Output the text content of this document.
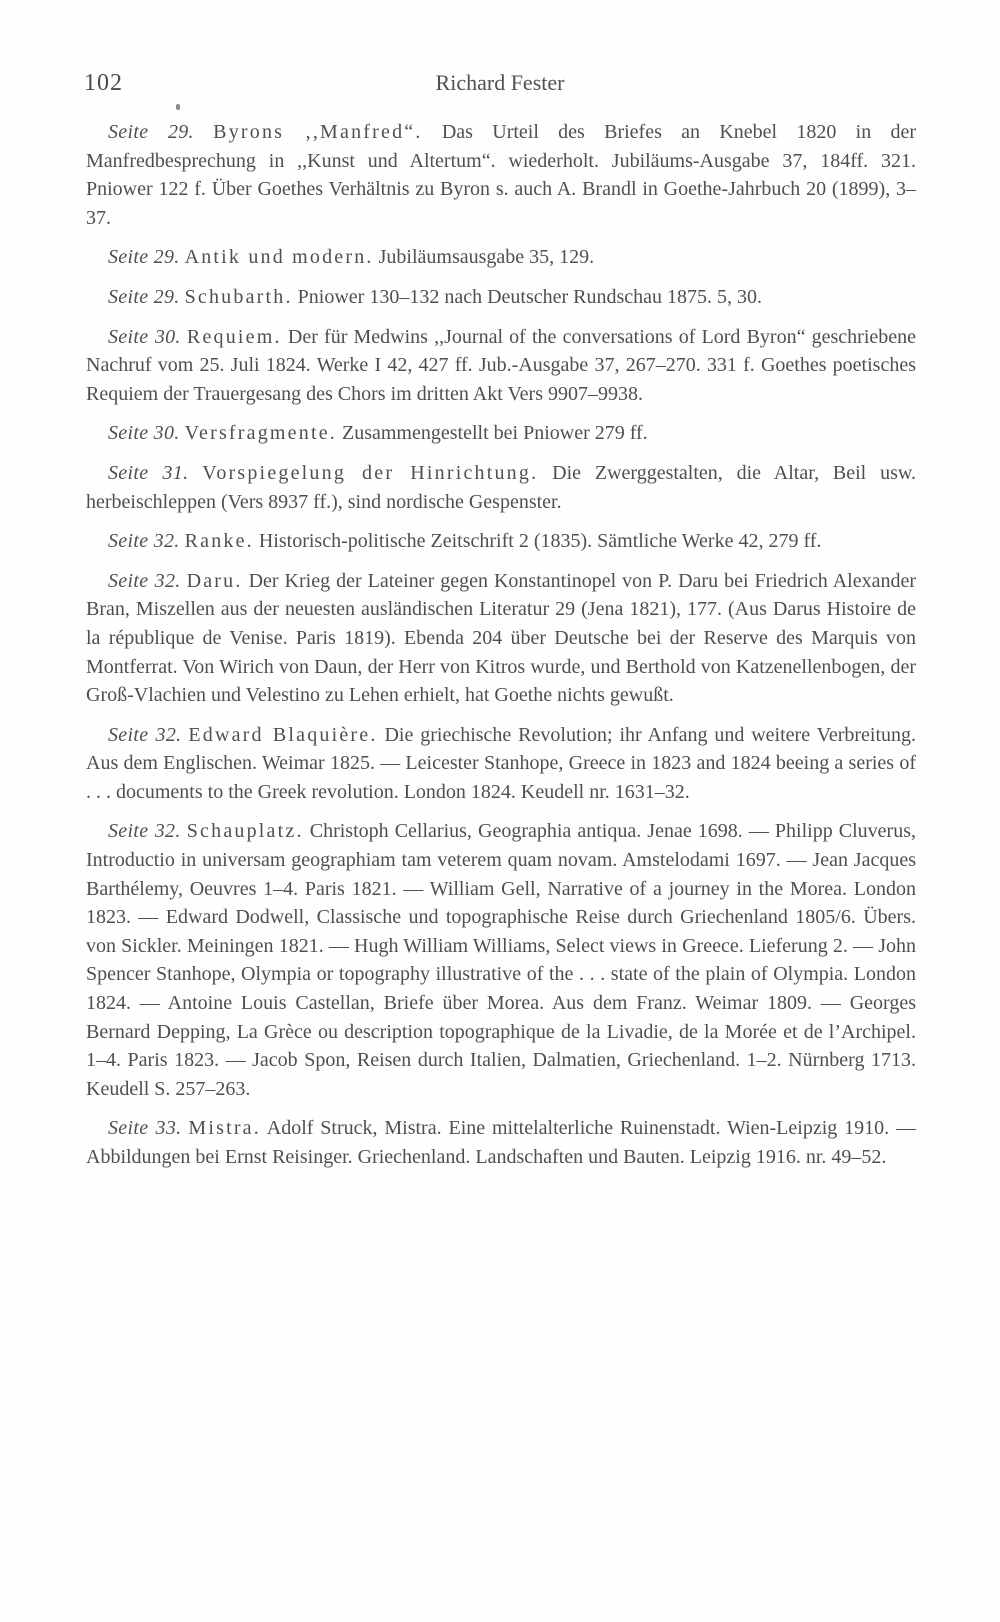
102	Richard Fester

Seite 29. Byrons ,,Manfred“. Das Urteil des Briefes an Knebel 1820 in der Manfredbesprechung in ,,Kunst und Altertum“. wiederholt. Jubiläums-Ausgabe 37, 184ff. 321. Pniower 122 f. Über Goethes Verhältnis zu Byron s. auch A. Brandl in Goethe-Jahrbuch 20 (1899), 3–37.

Seite 29. Antik und modern. Jubiläumsausgabe 35, 129.

Seite 29. Schubarth. Pniower 130–132 nach Deutscher Rundschau 1875. 5, 30.

Seite 30. Requiem. Der für Medwins ,,Journal of the conversations of Lord Byron“ geschriebene Nachruf vom 25. Juli 1824. Werke I 42, 427 ff. Jub.-Ausgabe 37, 267–270. 331 f. Goethes poetisches Requiem der Trauergesang des Chors im dritten Akt Vers 9907–9938.

Seite 30. Versfragmente. Zusammengestellt bei Pniower 279 ff.

Seite 31. Vorspiegelung der Hinrichtung. Die Zwerggestalten, die Altar, Beil usw. herbeischleppen (Vers 8937 ff.), sind nordische Gespenster.

Seite 32. Ranke. Historisch-politische Zeitschrift 2 (1835). Sämtliche Werke 42, 279 ff.

Seite 32. Daru. Der Krieg der Lateiner gegen Konstantinopel von P. Daru bei Friedrich Alexander Bran, Miszellen aus der neuesten ausländischen Literatur 29 (Jena 1821), 177. (Aus Darus Histoire de la république de Venise. Paris 1819). Ebenda 204 über Deutsche bei der Reserve des Marquis von Montferrat. Von Wirich von Daun, der Herr von Kitros wurde, und Berthold von Katzenellenbogen, der Groß-Vlachien und Velestino zu Lehen erhielt, hat Goethe nichts gewußt.

Seite 32. Edward Blaquière. Die griechische Revolution; ihr Anfang und weitere Verbreitung. Aus dem Englischen. Weimar 1825. — Leicester Stanhope, Greece in 1823 and 1824 beeing a series of . . . documents to the Greek revolution. London 1824. Keudell nr. 1631–32.

Seite 32. Schauplatz. Christoph Cellarius, Geographia antiqua. Jenae 1698. — Philipp Cluverus, Introductio in universam geographiam tam veterem quam novam. Amstelodami 1697. — Jean Jacques Barthélemy, Oeuvres 1–4. Paris 1821. — William Gell, Narrative of a journey in the Morea. London 1823. — Edward Dodwell, Classische und topographische Reise durch Griechenland 1805/6. Übers. von Sickler. Meiningen 1821. — Hugh William Williams, Select views in Greece. Lieferung 2. — John Spencer Stanhope, Olympia or topography illustrative of the . . . state of the plain of Olympia. London 1824. — Antoine Louis Castellan, Briefe über Morea. Aus dem Franz. Weimar 1809. — Georges Bernard Depping, La Grèce ou description topographique de la Livadie, de la Morée et de l’Archipel. 1–4. Paris 1823. — Jacob Spon, Reisen durch Italien, Dalmatien, Griechenland. 1–2. Nürnberg 1713. Keudell S. 257–263.

Seite 33. Mistra. Adolf Struck, Mistra. Eine mittelalterliche Ruinenstadt. Wien-Leipzig 1910. — Abbildungen bei Ernst Reisinger. Griechenland. Landschaften und Bauten. Leipzig 1916. nr. 49–52.
